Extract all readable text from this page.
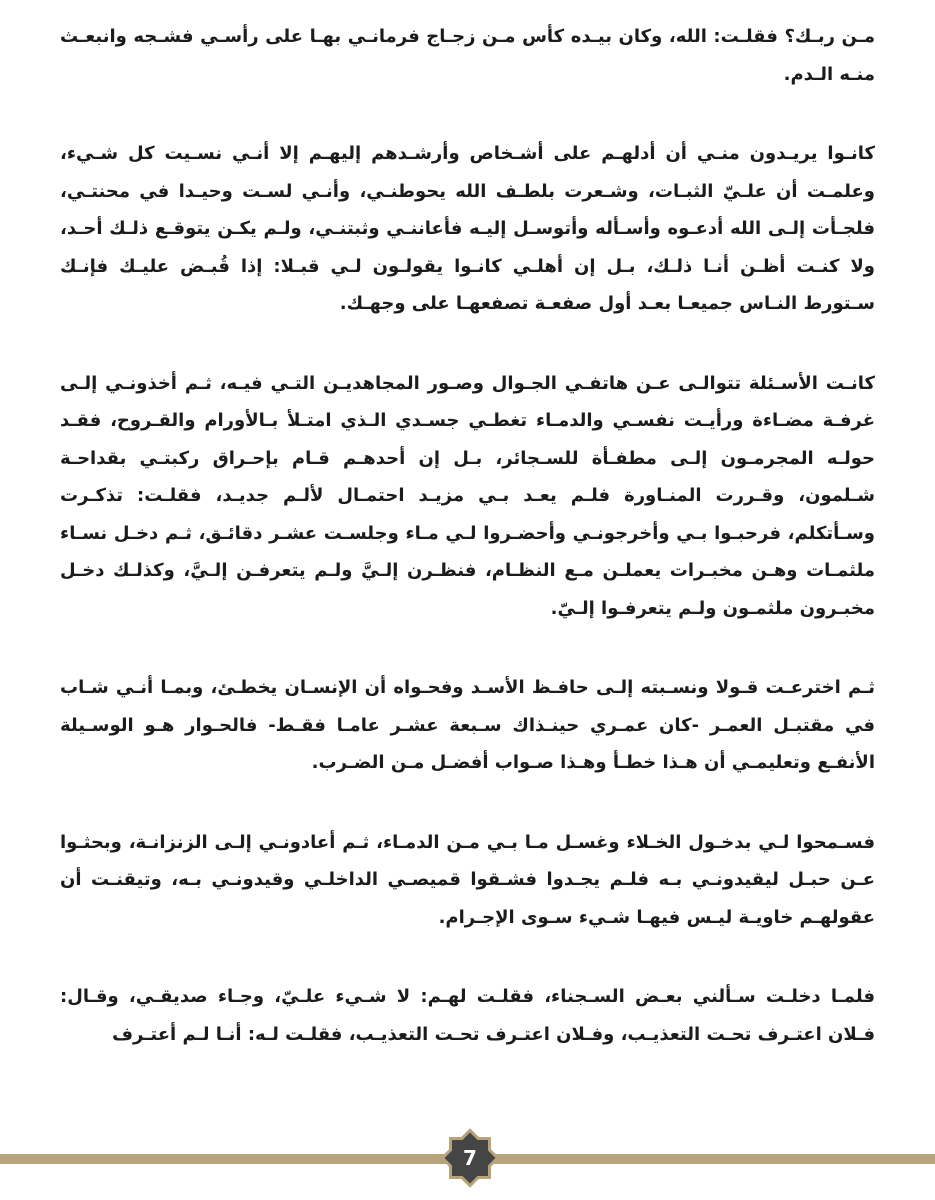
مـن ربـك؟ فقلـت: الله، وكان بيـده كأس مـن زجـاج فرمانـي بهـا على رأسـي فشـجه وانبعـث منـه الـدم.

كانـوا يريـدون منـي أن أدلهـم على أشـخاص وأرشـدهم إليهـم إلا أنـي نسـيت كل شـيء، وعلمـت أن علـيّ الثبـات، وشـعرت بلطـف الله يحوطنـي، وأنـي لسـت وحيـدا في محنتـي، فلجـأت إلـى الله أدعـوه وأسـأله وأتوسـل إليـه فأعاننـي وثبتنـي، ولـم يكـن يتوقـع ذلـك أحـد، ولا كنـت أظـن أنـا ذلـك، بـل إن أهلـي كانـوا يقولـون لـي قبـلا: إذا قُبـض عليـك فإنـك سـتورط النـاس جميعـا بعـد أول صفعـة تصفعهـا على وجهـك.

كانـت الأسـئلة تتوالـى عـن هاتفـي الجـوال وصـور المجاهديـن التـي فيـه، ثـم أخذونـي إلـى غرفـة مضـاءة ورأيـت نفسـي والدمـاء تغطـي جسـدي الـذي امتـلأ بـالأورام والقـروح، فقـد حولـه المجرمـون إلـى مطفـأة للسـجائر، بـل إن أحدهـم قـام بإحـراق ركبتـي بقداحـة شـلمون، وقـررت المنـاورة فلـم يعـد بـي مزيـد احتمـال لألـم جديـد، فقلـت: تذكـرت وسـأتكلم، فرحبـوا بـي وأخرجونـي وأحضـروا لـي مـاء وجلسـت عشـر دقائـق، ثـم دخـل نسـاء ملثمـات وهـن مخبـرات يعملـن مـع النظـام، فنظـرن إلـيَّ ولـم يتعرفـن إلـيَّ، وكذلـك دخـل مخبـرون ملثمـون ولـم يتعرفـوا إلـيّ.

ثـم اخترعـت قـولا ونسـبته إلـى حافـظ الأسـد وفحـواه أن الإنسـان يخطـئ، وبمـا أنـي شـاب في مقتبـل العمـر -كان عمـري حينـذاك سـبعة عشـر عامـا فقـط- فالحـوار هـو الوسـيلة الأنفـع وتعليمـي أن هـذا خطـأ وهـذا صـواب أفضـل مـن الضـرب.

فسـمحوا لـي بدخـول الخـلاء وغسـل مـا بـي مـن الدمـاء، ثـم أعادونـي إلـى الزنزانـة، وبحثـوا عـن حبـل ليقيدونـي بـه فلـم يجـدوا فشـقوا قميصـي الداخلـي وقيدونـي بـه، وتيقنـت أن عقولهـم خاويـة ليـس فيهـا شـيء سـوى الإجـرام.

فلمـا دخلـت سـألني بعـض السـجناء، فقلـت لهـم: لا شـيء علـيّ، وجـاء صديقـي، وقـال: فـلان اعتـرف تحـت التعذيـب، وفـلان اعتـرف تحـت التعذيـب، فقلـت لـه: أنـا لـم أعتـرف

7
